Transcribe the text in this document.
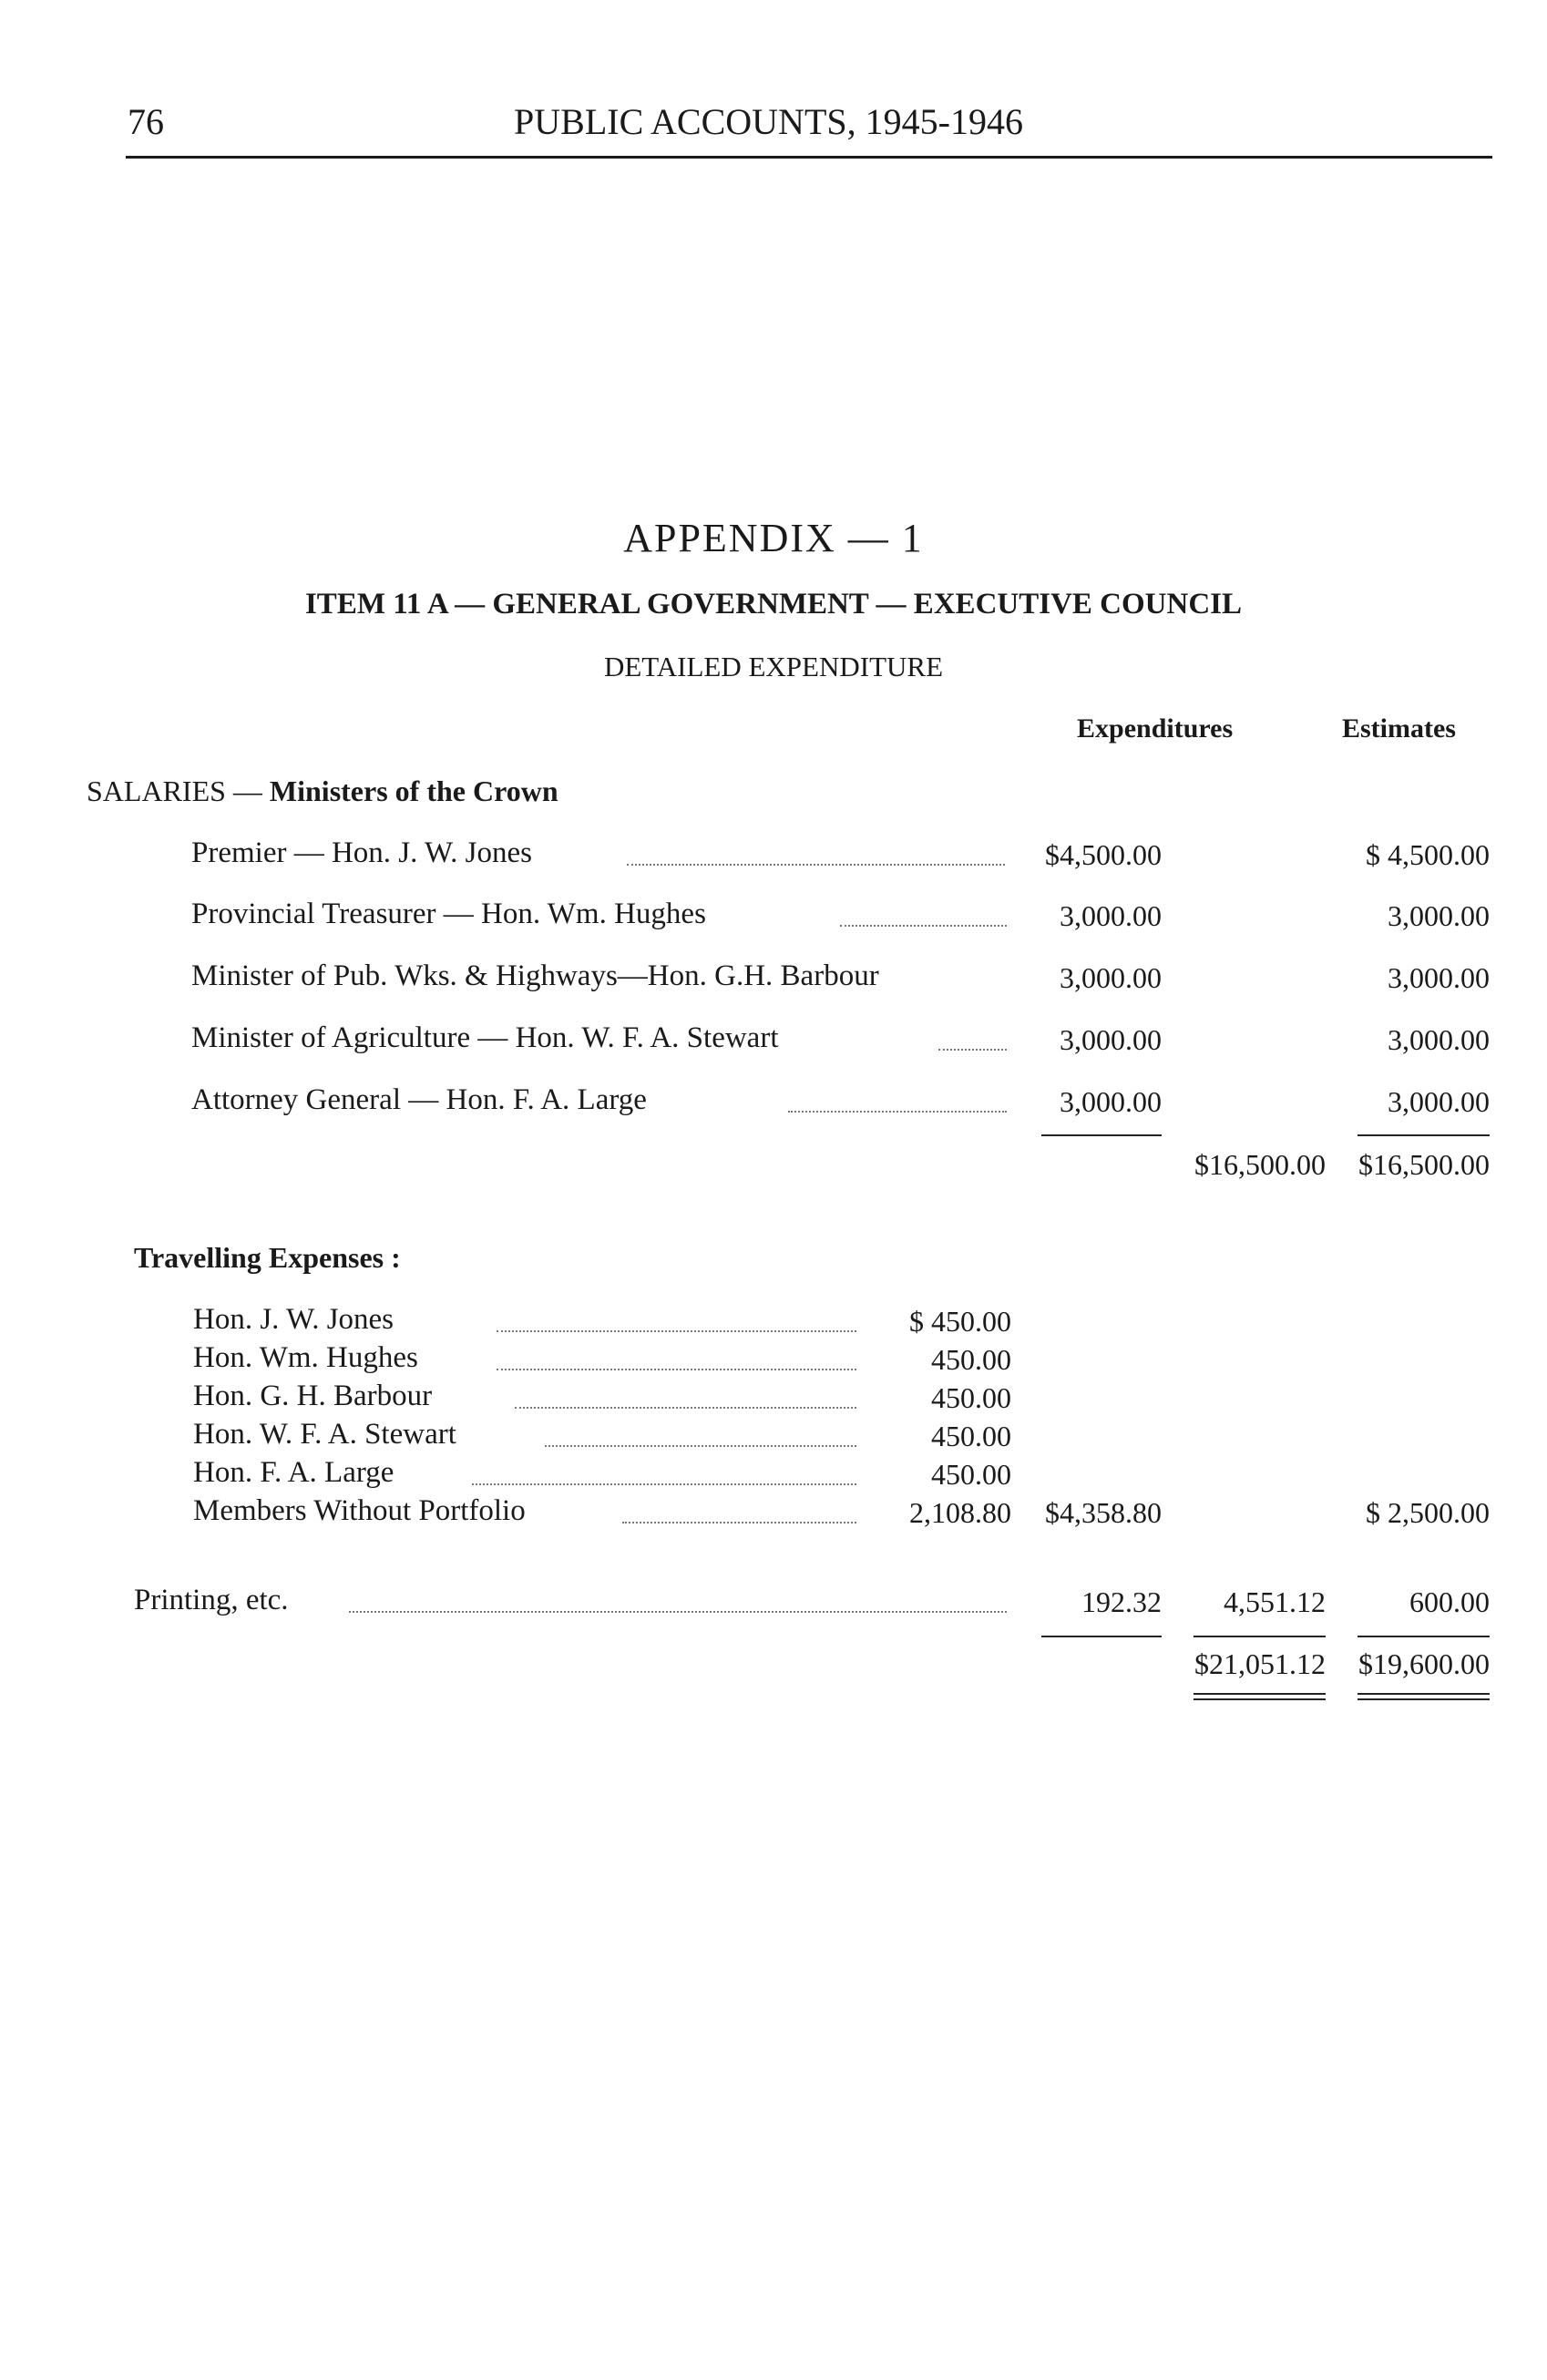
76	PUBLIC ACCOUNTS, 1945-1946
APPENDIX — 1
ITEM 11 A — GENERAL GOVERNMENT — EXECUTIVE COUNCIL
DETAILED EXPENDITURE
Expenditures	Estimates
SALARIES — Ministers of the Crown
Premier — Hon. J. W. Jones	$4,500.00	$ 4,500.00
Provincial Treasurer — Hon. Wm. Hughes	3,000.00	3,000.00
Minister of Pub. Wks. & Highways—Hon. G.H. Barbour	3,000.00	3,000.00
Minister of Agriculture — Hon. W. F. A. Stewart	3,000.00	3,000.00
Attorney General — Hon. F. A. Large	3,000.00	3,000.00
$16,500.00	$16,500.00
Travelling Expenses :
Hon. J. W. Jones	$ 450.00
Hon. Wm. Hughes	450.00
Hon. G. H. Barbour	450.00
Hon. W. F. A. Stewart	450.00
Hon. F. A. Large	450.00
Members Without Portfolio	2,108.80	$4,358.80	$ 2,500.00
Printing, etc.	192.32	4,551.12	600.00
$21,051.12	$19,600.00
